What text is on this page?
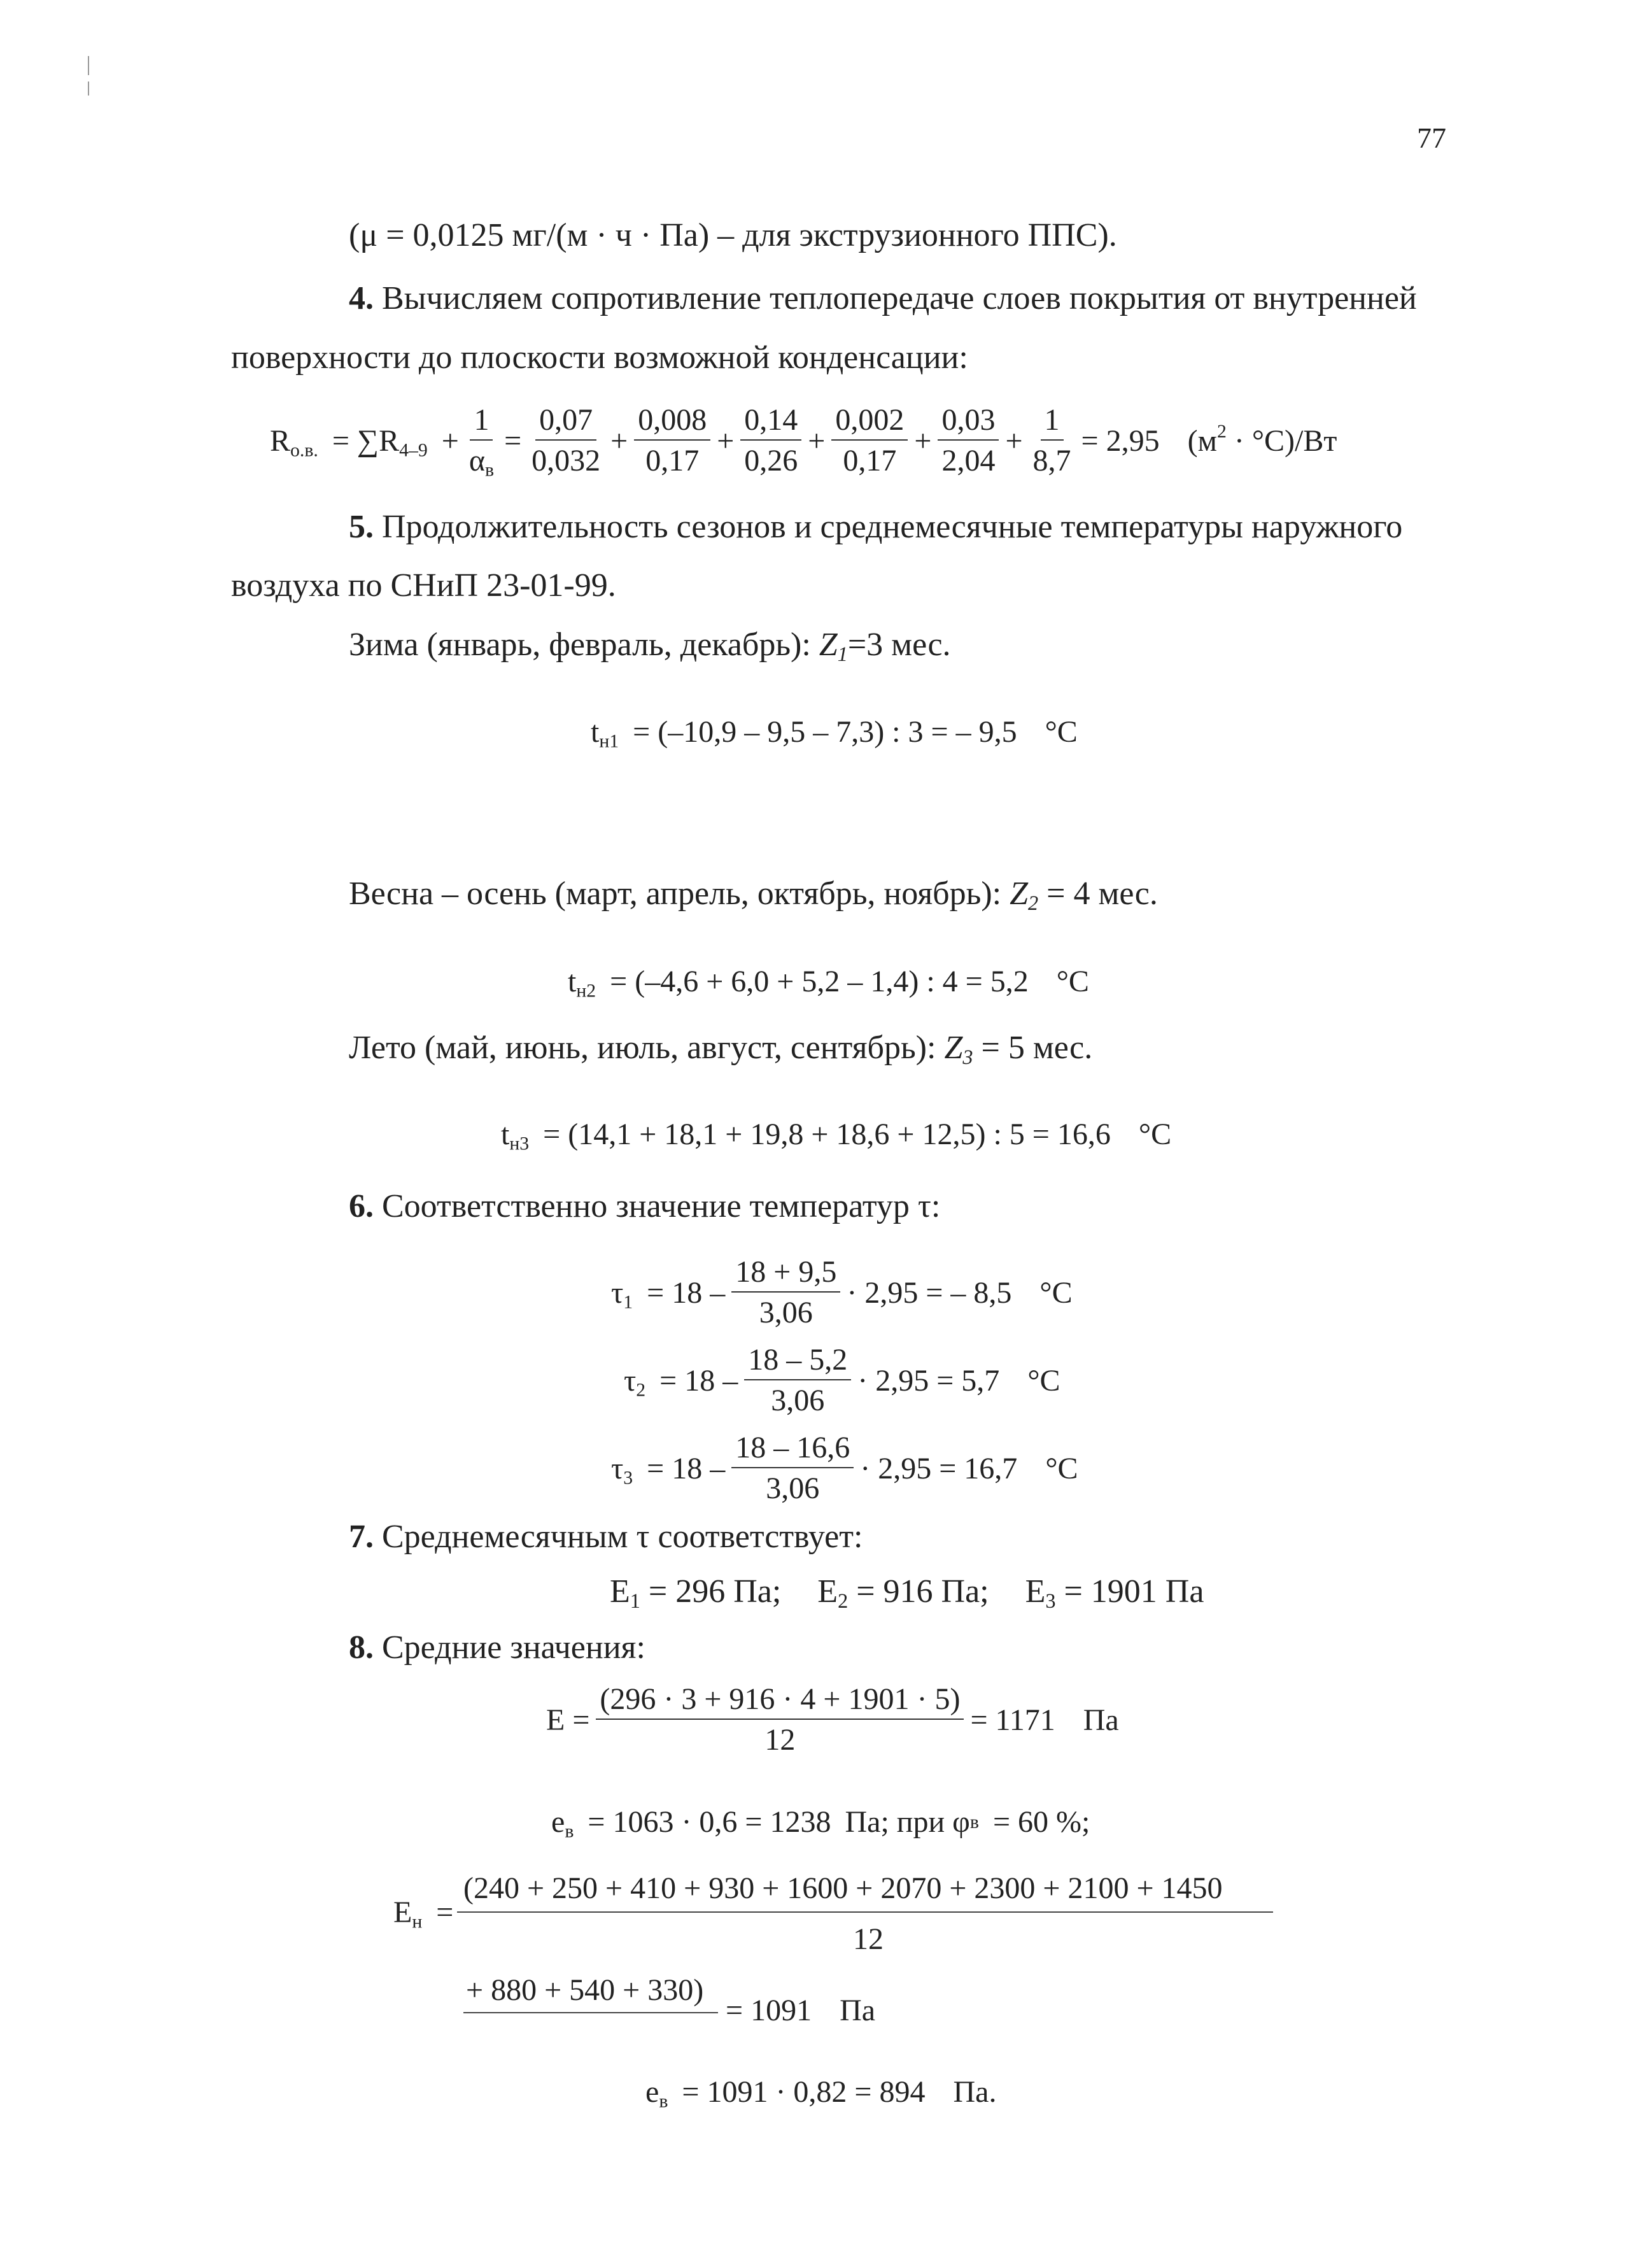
77
(μ = 0,0125 мг/(м · ч · Па) – для экструзионного ППС).
4. Вычисляем сопротивление теплопередаче слоев покрытия от внутренней
поверхности до плоскости возможной конденсации:
$R_{о.в.} = \sum R_{4-9} + \frac{1}{\alpha_в} = \frac{0,07}{0,032} + \frac{0,008}{0,17} + \frac{0,14}{0,26} + \frac{0,002}{0,17} + \frac{0,03}{2,04} + \frac{1}{8,7} = 2,95$ $(м^2 \cdot ^\circ С)/Вт$
5. Продолжительность сезонов и среднемесячные температуры наружного
воздуха по СНиП 23-01-99.
Зима (январь, февраль, декабрь): $Z_1=3$ мес.
$t_{н1} = (-10,9 - 9,5 - 7,3)$ : 3 = – 9,5 °С
Весна – осень (март, апрель, октябрь, ноябрь): $Z_2 = 4$ мес.
$t_{н2} = (-4,6 + 6,0 + 5,2 - 1,4)$ : 4 = 5,2 °С
Лето (май, июнь, июль, август, сентябрь): $Z_3 = 5$ мес.
$t_{н3} = (14,1 + 18,1 + 19,8 + 18,6 + 12,5)$ : 5 = 16,6 °С
6. Соответственно значение температур τ:
$\tau_1 = 18 - \frac{18 + 9,5}{3,06} \cdot 2,95$ = – 8,5 °С
$\tau_2 = 18 - \frac{18 - 5,2}{3,06} \cdot 2,95 = 5,7$ °С
$\tau_3 = 18 - \frac{18 - 16,6}{3,06} \cdot 2,95 = 16,7$ °С
7. Среднемесячным τ соответствует:
$E_1 = 296$ Па; $E_2 = 916$ Па; $E_3 = 1901$ Па
8. Средние значения:
$E = \frac{(296 \cdot 3 + 916 \cdot 4 + 1901 \cdot 5)}{12} = 1171$ Па
$e_в = 1063 \cdot 0,6 = 1238$ Па; при φ в = 60 %;
$E_н$ =
(240 + 250 + 410 + 930 + 1600 + 2070 + 2300 + 2100 + 1450
12
+ 880 + 540 + 330)
= 1091 Па
$e_в = 1091 \cdot 0,82 = 894$ Па.
